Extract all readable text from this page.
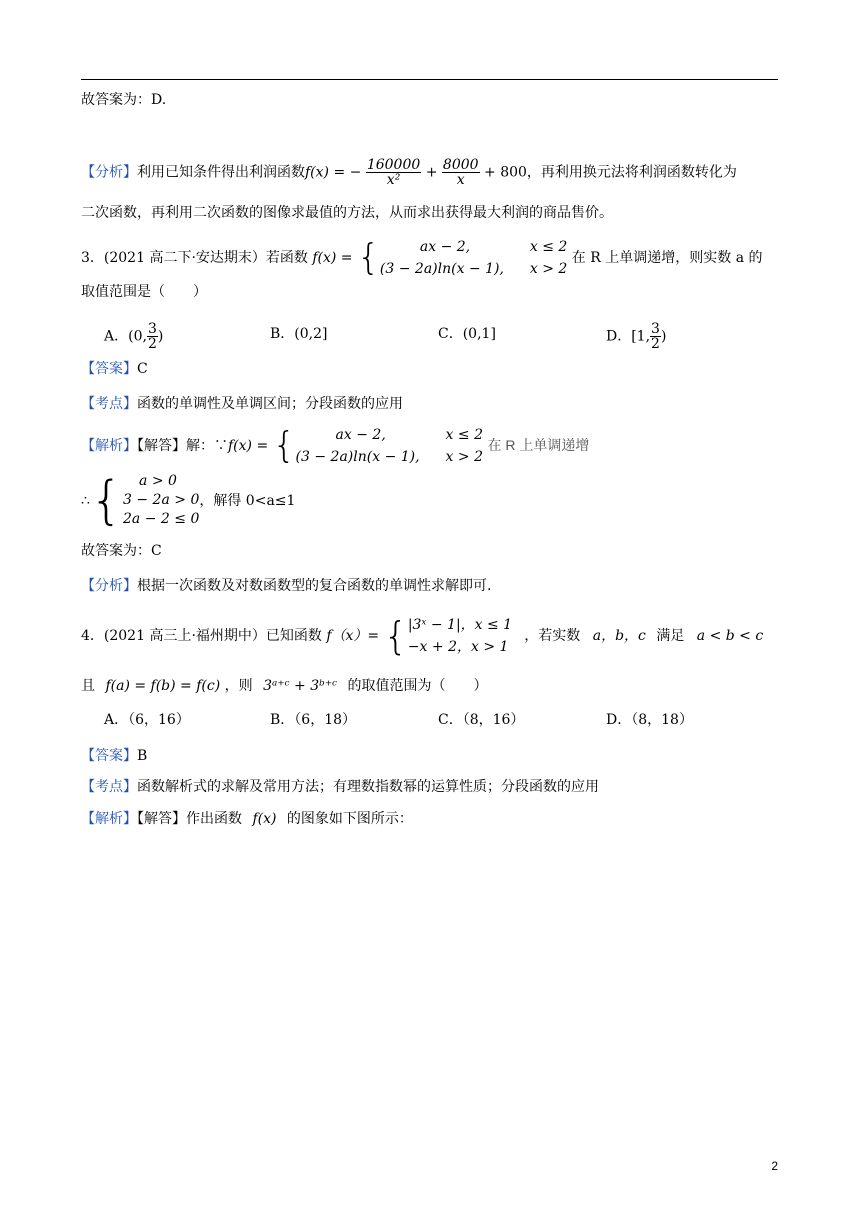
故答案为：D.
【分析】利用已知条件得出利润函数f(x) = − $\frac{160000}{\text{x²}} + \frac{8000}{x} + 800$，再利用换元法将利润函数转化为
二次函数，再利用二次函数的图像求最值的方法，从而求出获得最大利润的商品售价。
3．(2021 高二下·安达期末）若函数 f(x) = {	ax − 2,	x ≤ 2
(3 − 2a)ln(x − 1), x > 2 在 R 上单调递增，则实数 a 的
取值范围是（　　）
A．(0, $\frac{3}{2}$ )	B．(0,2]	C．(0,1]	D．[1, $\frac{3}{2}$ )
【答案】C
【考点】函数的单调性及单调区间；分段函数的应用
【解析】【解答】解：∵f(x) = {	ax − 2,	x ≤ 2
(3 − 2a)ln(x − 1), x > 2 在 R 上单调递增
∴{ a > 0
3 − 2a > 0
2a − 2 ≤ 0，解得 0<a≤1
故答案为：C
【分析】根据一次函数及对数函数型的复合函数的单调性求解即可.
4．(2021 高三上·福州期中）已知函数 f（x）= {|3ˣ − 1|，x ≤ 1
−x + 2，x > 1 ，若实数 a，b，c 满足 a < b < c
且 f(a) = f(b) = f(c) ，则 3ᵃ⁺ᶜ + 3ᵇ⁺ᶜ 的取值范围为（　　）
A．（6，16）	B．（6，18）	C．（8，16）	D．（8，18）
【答案】B
【考点】函数解析式的求解及常用方法；有理数指数幂的运算性质；分段函数的应用
【解析】【解答】作出函数 f(x) 的图象如下图所示：
2
